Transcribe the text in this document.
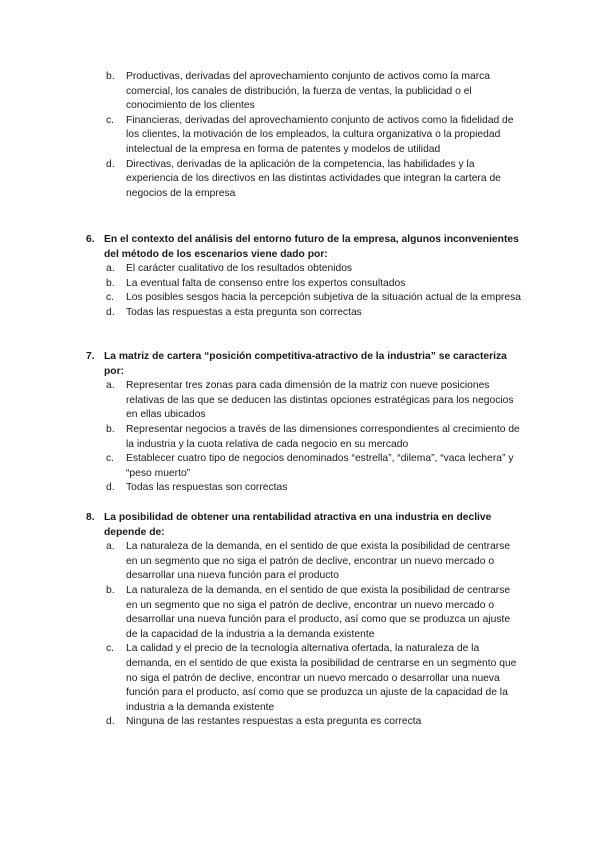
b. Productivas, derivadas del aprovechamiento conjunto de activos como la marca comercial, los canales de distribución, la fuerza de ventas, la publicidad o el conocimiento de los clientes
c. Financieras, derivadas del aprovechamiento conjunto de activos como la fidelidad de los clientes, la motivación de los empleados, la cultura organizativa o la propiedad intelectual de la empresa en forma de patentes y modelos de utilidad
d. Directivas, derivadas de la aplicación de la competencia, las habilidades y la experiencia de los directivos en las distintas actividades que integran la cartera de negocios de la empresa
6. En el contexto del análisis del entorno futuro de la empresa, algunos inconvenientes del método de los escenarios viene dado por:
a. El carácter cualitativo de los resultados obtenidos
b. La eventual falta de consenso entre los expertos consultados
c. Los posibles sesgos hacia la percepción subjetiva de la situación actual de la empresa
d. Todas las respuestas a esta pregunta son correctas
7. La matriz de cartera “posición competitiva-atractivo de la industria” se caracteriza por:
a. Representar tres zonas para cada dimensión de la matriz con nueve posiciones relativas de las que se deducen las distintas opciones estratégicas para los negocios en ellas ubicados
b. Representar negocios a través de las dimensiones correspondientes al crecimiento de la industria y la cuota relativa de cada negocio en su mercado
c. Establecer cuatro tipo de negocios denominados “estrella”, “dilema”, “vaca lechera” y “peso muerto”
d. Todas las respuestas son correctas
8. La posibilidad de obtener una rentabilidad atractiva en una industria en declive depende de:
a. La naturaleza de la demanda, en el sentido de que exista la posibilidad de centrarse en un segmento que no siga el patrón de declive, encontrar un nuevo mercado o desarrollar una nueva función para el producto
b. La naturaleza de la demanda, en el sentido de que exista la posibilidad de centrarse en un segmento que no siga el patrón de declive, encontrar un nuevo mercado o desarrollar una nueva función para el producto, así como que se produzca un ajuste de la capacidad de la industria a la demanda existente
c. La calidad y el precio de la tecnología alternativa ofertada, la naturaleza de la demanda, en el sentido de que exista la posibilidad de centrarse en un segmento que no siga el patrón de declive, encontrar un nuevo mercado o desarrollar una nueva función para el producto, así como que se produzca un ajuste de la capacidad de la industria a la demanda existente
d. Ninguna de las restantes respuestas a esta pregunta es correcta
